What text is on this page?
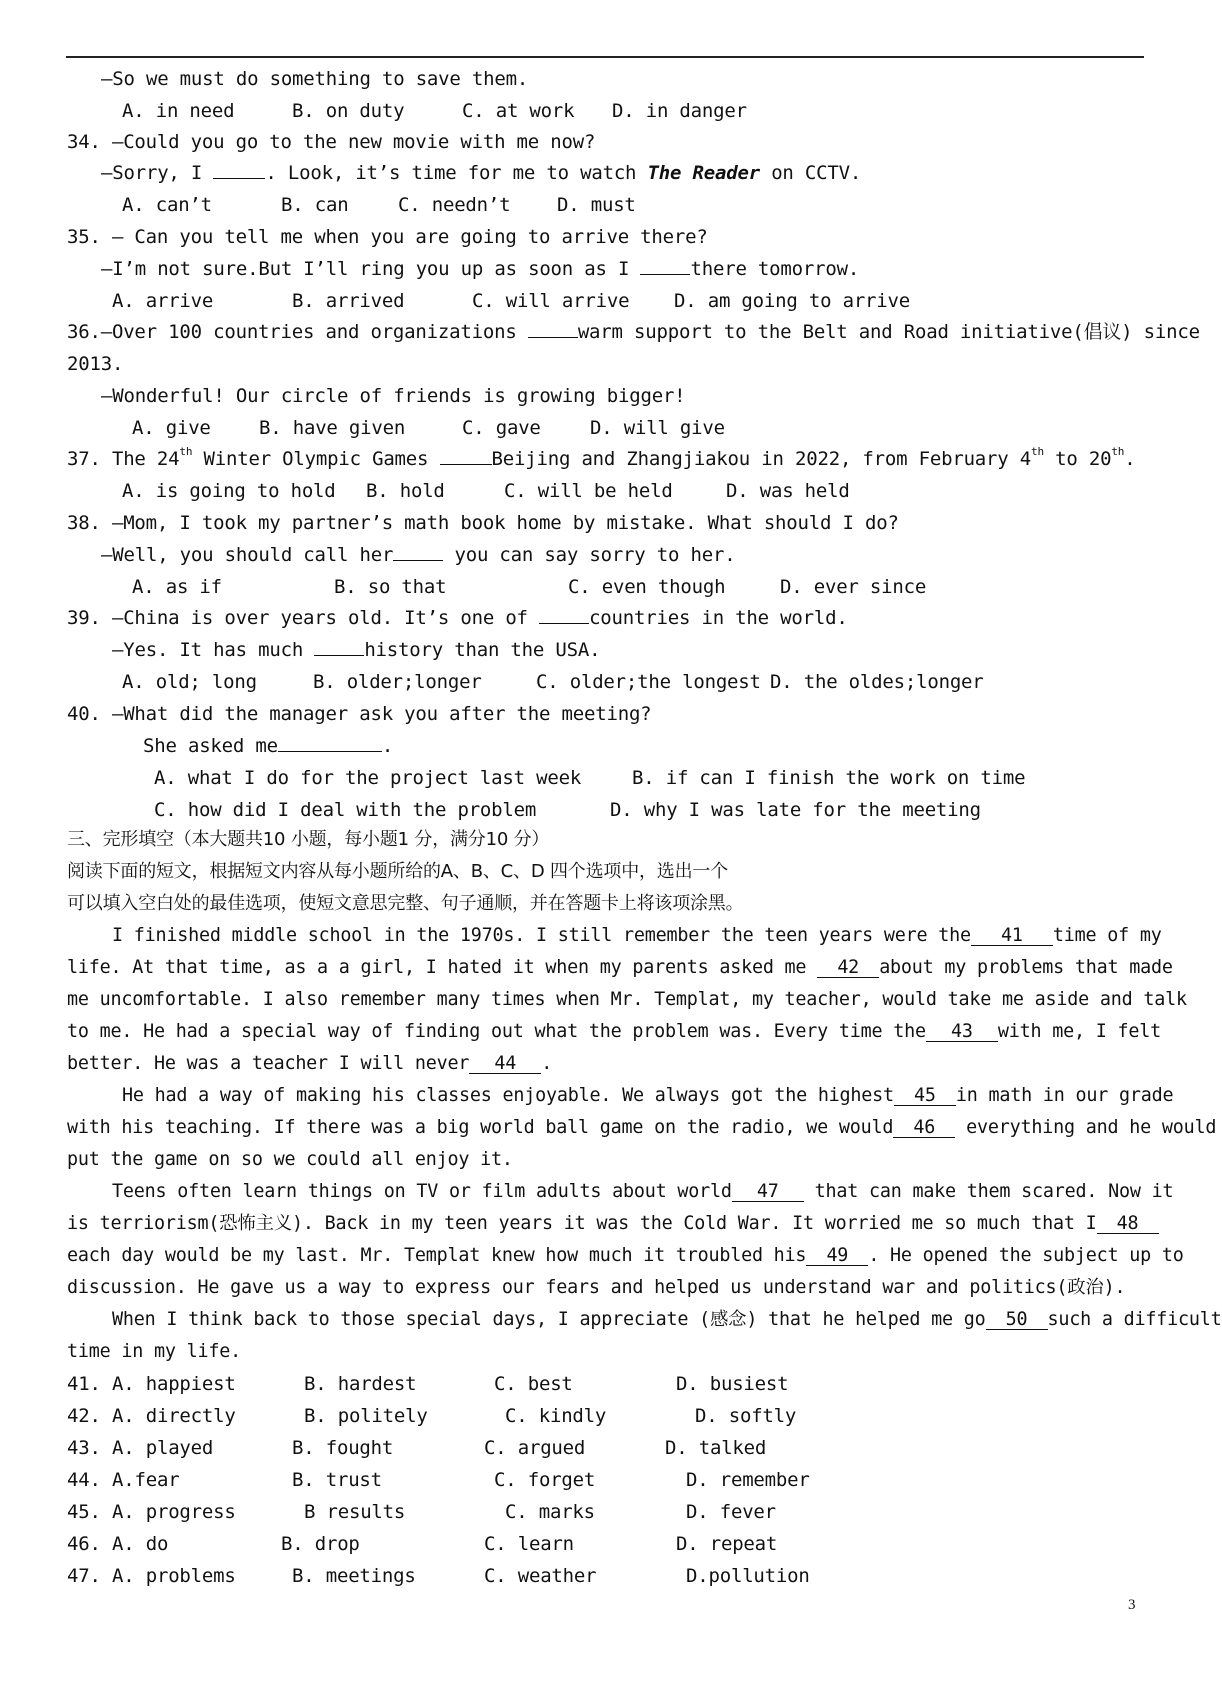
—So we must do something to save them.
A. in need	B. on duty	C. at work D. in danger
34. —Could you go to the new movie with me now?
—Sorry, I	. Look, it’s time for me to watch The Reader on CCTV.
A. can’t	B. can	C. needn’t D. must
35. — Can you tell me when you are going to arrive there?
—I’m not sure.But I’ll ring you up as soon as I	there tomorrow.
A. arrive	B. arrived	C. will arrive D. am going to arrive
36.—Over 100 countries and organizations	warm support to the Belt and Road initiative(倡议) since
2013.
—Wonderful! Our circle of friends is growing bigger!
A. give	B. have given	C. gave	D. will give
37. The 24th Winter Olympic Games	Beijing and Zhangjiakou in 2022, from February 4th to 20th.
A. is going to hold B. hold	C. will be held	D. was held
38. —Mom, I took my partner’s math book home by mistake. What should I do?
—Well, you should call her	you can say sorry to her.
A. as if	B. so that	C. even though	D. ever since
39. —China is over years old. It’s one of	countries in the world.
—Yes. It has much	history than the USA.
A. old; long	B. older;longer	C. older;the longest D. the oldes;longer
40. —What did the manager ask you after the meeting?
She asked me	.
A. what I do for the project last week	B. if can I finish the work on time
C. how did I deal with the problem	D. why I was late for the meeting
三、完形填空（本大题共10 小题，每小题1 分，满分10 分）
阅读下面的短文，根据短文内容从每小题所给的A、B、C、D 四个选项中，选出一个
可以填入空白处的最佳选项，使短文意思完整、句子通顺，并在答题卡上将该项涂黑。
I finished middle school in the 1970s. I still remember the teen years were the 41 time of my
life. At that time, as a a girl, I hated it when my parents asked me 42 about my problems that made
me uncomfortable. I also remember many times when Mr. Templat, my teacher, would take me aside and talk
to me. He had a special way of finding out what the problem was. Every time the 43 with me, I felt
better. He was a teacher I will never 44 .
He had a way of making his classes enjoyable. We always got the highest 45 in math in our grade
with his teaching. If there was a big world ball game on the radio, we would 46 everything and he would
put the game on so we could all enjoy it.
Teens often learn things on TV or film adults about world 47 that can make them scared. Now it
is terriorism(恐怖主义). Back in my teen years it was the Cold War. It worried me so much that I 48
each day would be my last. Mr. Templat knew how much it troubled his 49 . He opened the subject up to
discussion. He gave us a way to express our fears and helped us understand war and politics(政治).
When I think back to those special days, I appreciate (感念) that he helped me go 50 such a difficult
time in my life.
41. A. happiest	B. hardest	C. best	D. busiest
42. A. directly	B. politely	C. kindly	D. softly
43. A. played	B. fought	C. argued	D. talked
44. A.fear	B. trust	C. forget	D. remember
45. A. progress	B results	C. marks	D. fever
46. A. do	B. drop	C. learn	D. repeat
47. A. problems	B. meetings	C. weather	D.pollution
3
